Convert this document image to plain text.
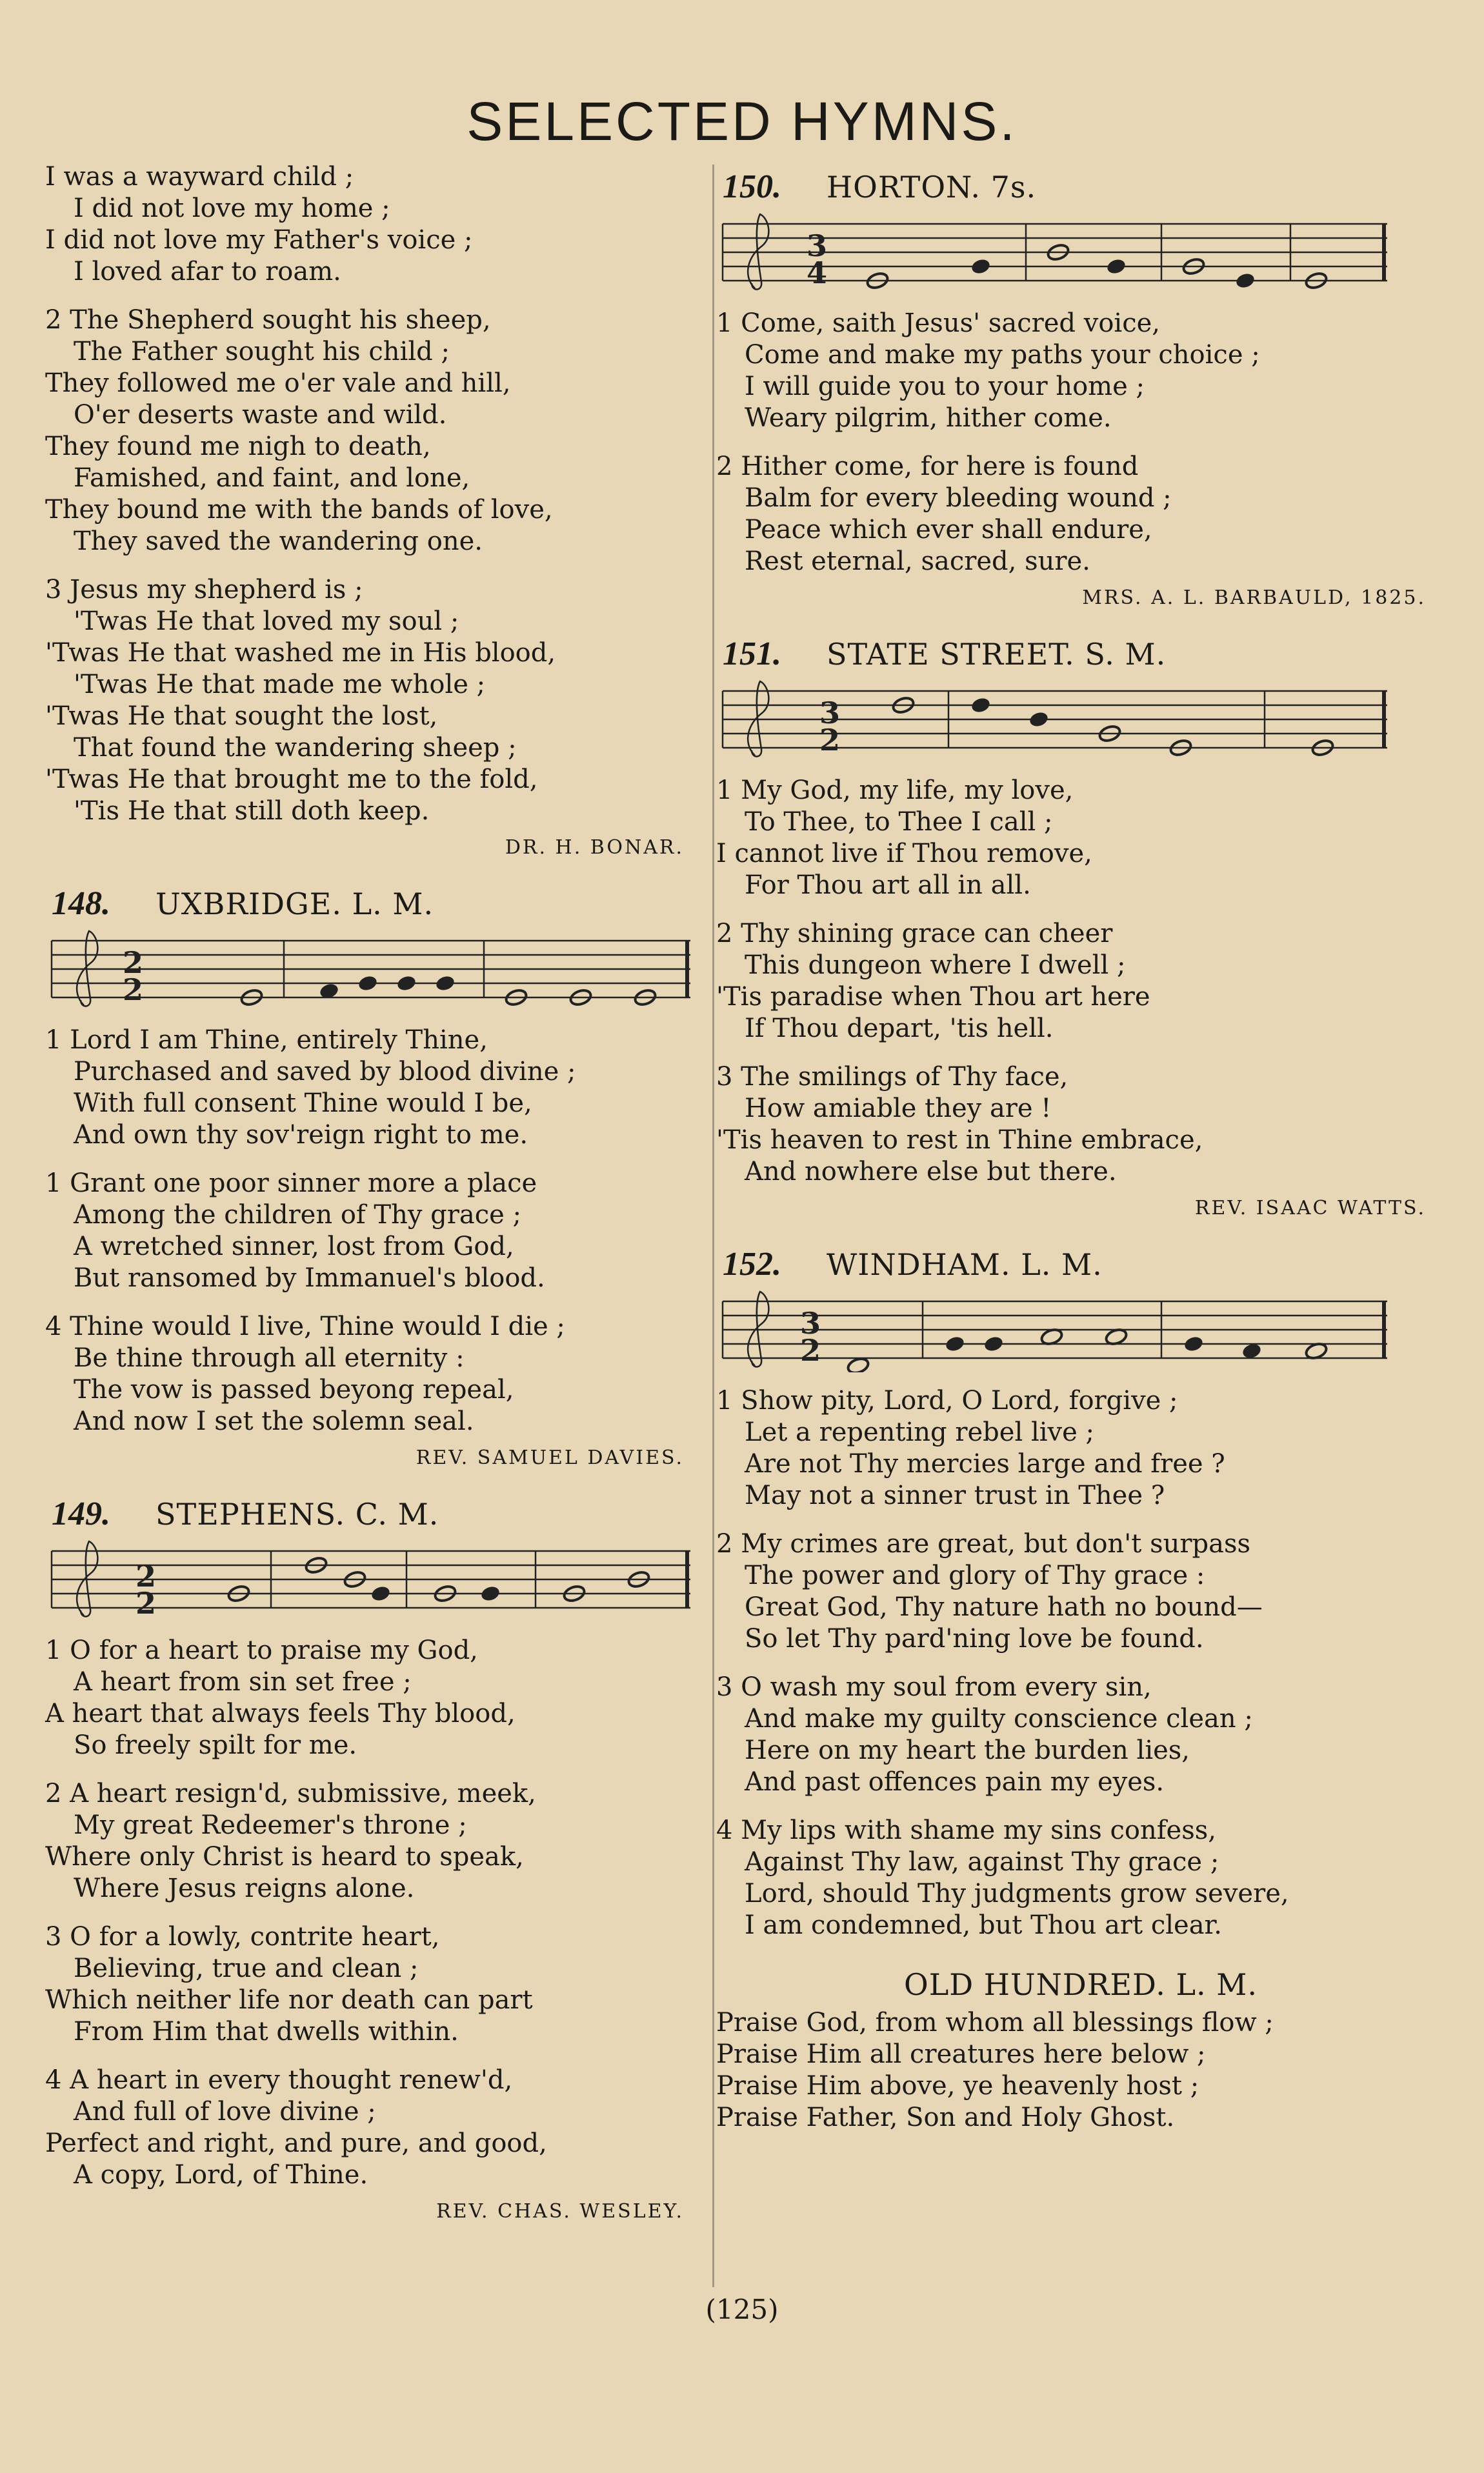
SELECTED HYMNS.
I was a wayward child ;
I did not love my home ;
I did not love my Father's voice ;
I loved afar to roam.
2 The Shepherd sought his sheep,
The Father sought his child ;
They followed me o'er vale and hill,
O'er deserts waste and wild.
They found me nigh to death,
Famished, and faint, and lone,
They bound me with the bands of love,
They saved the wandering one.
3 Jesus my shepherd is ;
'Twas He that loved my soul ;
'Twas He that washed me in His blood,
'Twas He that made me whole ;
'Twas He that sought the lost,
That found the wandering sheep ;
'Twas He that brought me to the fold,
'Tis He that still doth keep.
DR. H. BONAR.
148. UXBRIDGE. L. M.
2
2
1 Lord I am Thine, entirely Thine,
Purchased and saved by blood divine ;
With full consent Thine would I be,
And own thy sov'reign right to me.
1 Grant one poor sinner more a place
Among the children of Thy grace ;
A wretched sinner, lost from God,
But ransomed by Immanuel's blood.
4 Thine would I live, Thine would I die ;
Be thine through all eternity :
The vow is passed beyong repeal,
And now I set the solemn seal.
REV. SAMUEL DAVIES.
149. STEPHENS. C. M.
2
2
1 O for a heart to praise my God,
A heart from sin set free ;
A heart that always feels Thy blood,
So freely spilt for me.
2 A heart resign'd, submissive, meek,
My great Redeemer's throne ;
Where only Christ is heard to speak,
Where Jesus reigns alone.
3 O for a lowly, contrite heart,
Believing, true and clean ;
Which neither life nor death can part
From Him that dwells within.
4 A heart in every thought renew'd,
And full of love divine ;
Perfect and right, and pure, and good,
A copy, Lord, of Thine.
REV. CHAS. WESLEY.
150. HORTON. 7s.
3
4
1 Come, saith Jesus' sacred voice,
Come and make my paths your choice ;
I will guide you to your home ;
Weary pilgrim, hither come.
2 Hither come, for here is found
Balm for every bleeding wound ;
Peace which ever shall endure,
Rest eternal, sacred, sure.
MRS. A. L. BARBAULD, 1825.
151. STATE STREET. S. M.
3
2
1 My God, my life, my love,
To Thee, to Thee I call ;
I cannot live if Thou remove,
For Thou art all in all.
2 Thy shining grace can cheer
This dungeon where I dwell ;
'Tis paradise when Thou art here
If Thou depart, 'tis hell.
3 The smilings of Thy face,
How amiable they are !
'Tis heaven to rest in Thine embrace,
And nowhere else but there.
REV. ISAAC WATTS.
152. WINDHAM. L. M.
3
2
1 Show pity, Lord, O Lord, forgive ;
Let a repenting rebel live ;
Are not Thy mercies large and free ?
May not a sinner trust in Thee ?
2 My crimes are great, but don't surpass
The power and glory of Thy grace :
Great God, Thy nature hath no bound—
So let Thy pard'ning love be found.
3 O wash my soul from every sin,
And make my guilty conscience clean ;
Here on my heart the burden lies,
And past offences pain my eyes.
4 My lips with shame my sins confess,
Against Thy law, against Thy grace ;
Lord, should Thy judgments grow severe,
I am condemned, but Thou art clear.
OLD HUNDRED. L. M.
Praise God, from whom all blessings flow ;
Praise Him all creatures here below ;
Praise Him above, ye heavenly host ;
Praise Father, Son and Holy Ghost.
(125)
